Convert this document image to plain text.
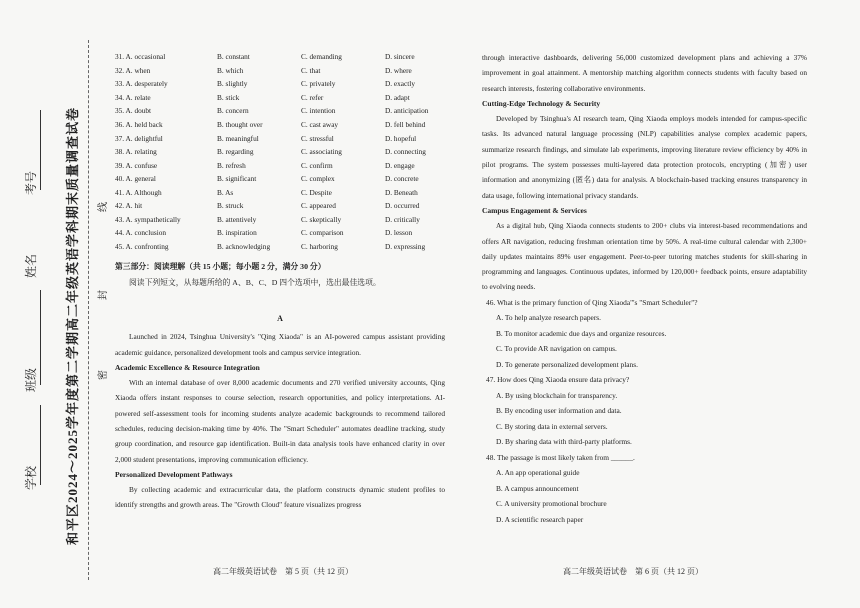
和平区2024～2025学年度第二学期高二年级英语学科期末质量调查试卷
学校
班级
姓名
考号
密
封
线
31. A. occasional	B. constant	C. demanding	D. sincere
32. A. when	B. which	C. that	D. where
33. A. desperately	B. slightly	C. privately	D. exactly
34. A. relate	B. stick	C. refer	D. adapt
35. A. doubt	B. concern	C. intention	D. anticipation
36. A. held back	B. thought over	C. cast away	D. fell behind
37. A. delightful	B. meaningful	C. stressful	D. hopeful
38. A. relating	B. regarding	C. associating	D. connecting
39. A. confuse	B. refresh	C. confirm	D. engage
40. A. general	B. significant	C. complex	D. concrete
41. A. Although	B. As	C. Despite	D. Beneath
42. A. hit	B. struck	C. appeared	D. occurred
43. A. sympathetically	B. attentively	C. skeptically	D. critically
44. A. conclusion	B. inspiration	C. comparison	D. lesson
45. A. confronting	B. acknowledging	C. harboring	D. expressing
第三部分：阅读理解（共 15 小题；每小题 2 分，满分 30 分）
阅读下列短文，从每题所给的 A、B、C、D 四个选项中，选出最佳选项。
A

Launched in 2024, Tsinghua University's "Qing Xiaoda" is an AI-powered campus assistant providing academic guidance, personalized development tools and campus service integration.

Academic Excellence & Resource Integration

With an internal database of over 8,000 academic documents and 270 verified university accounts, Qing Xiaoda offers instant responses to course selection, research opportunities, and policy interpretations. AI-powered self-assessment tools for incoming students analyze academic backgrounds to recommend tailored schedules, reducing decision-making time by 40%. The "Smart Scheduler" automates deadline tracking, study group coordination, and resource gap identification. Built-in data analysis tools have enhanced clarity in over 2,000 student presentations, improving communication efficiency.

Personalized Development Pathways

By collecting academic and extracurricular data, the platform constructs dynamic student profiles to identify strengths and growth areas. The "Growth Cloud" feature visualizes progress

through interactive dashboards, delivering 56,000 customized development plans and achieving a 37% improvement in goal attainment. A mentorship matching algorithm connects students with faculty based on research interests, fostering collaborative environments.

Cutting-Edge Technology & Security

Developed by Tsinghua's AI research team, Qing Xiaoda employs models intended for campus-specific tasks. Its advanced natural language processing (NLP) capabilities analyse complex academic papers, summarize research findings, and simulate lab experiments, improving literature review efficiency by 40% in pilot programs. The system possesses multi-layered data protection protocols, encrypting (加密) user information and anonymizing (匿名) data for analysis. A blockchain-based tracking ensures transparency in data usage, following international privacy standards.

Campus Engagement & Services

As a digital hub, Qing Xiaoda connects students to 200+ clubs via interest-based recommendations and offers AR navigation, reducing freshman orientation time by 50%. A real-time cultural calendar with 2,300+ daily updates maintains 89% user engagement. Peer-to-peer tutoring matches students for skill-sharing in programming and languages. Continuous updates, informed by 120,000+ feedback points, ensure adaptability to evolving needs.

46. What is the primary function of Qing Xiaoda"'s "Smart Scheduler"?
A. To help analyze research papers.
B. To monitor academic due days and organize resources.
C. To provide AR navigation on campus.
D. To generate personalized development plans.
47. How does Qing Xiaoda ensure data privacy?
A. By using blockchain for transparency.
B. By encoding user information and data.
C. By storing data in external servers.
D. By sharing data with third-party platforms.
48. The passage is most likely taken from ______.
A. An app operational guide
B. A campus announcement
C. A university promotional brochure
D. A scientific research paper
高二年级英语试卷　第 5 页（共 12 页）	高二年级英语试卷　第 6 页（共 12 页）
